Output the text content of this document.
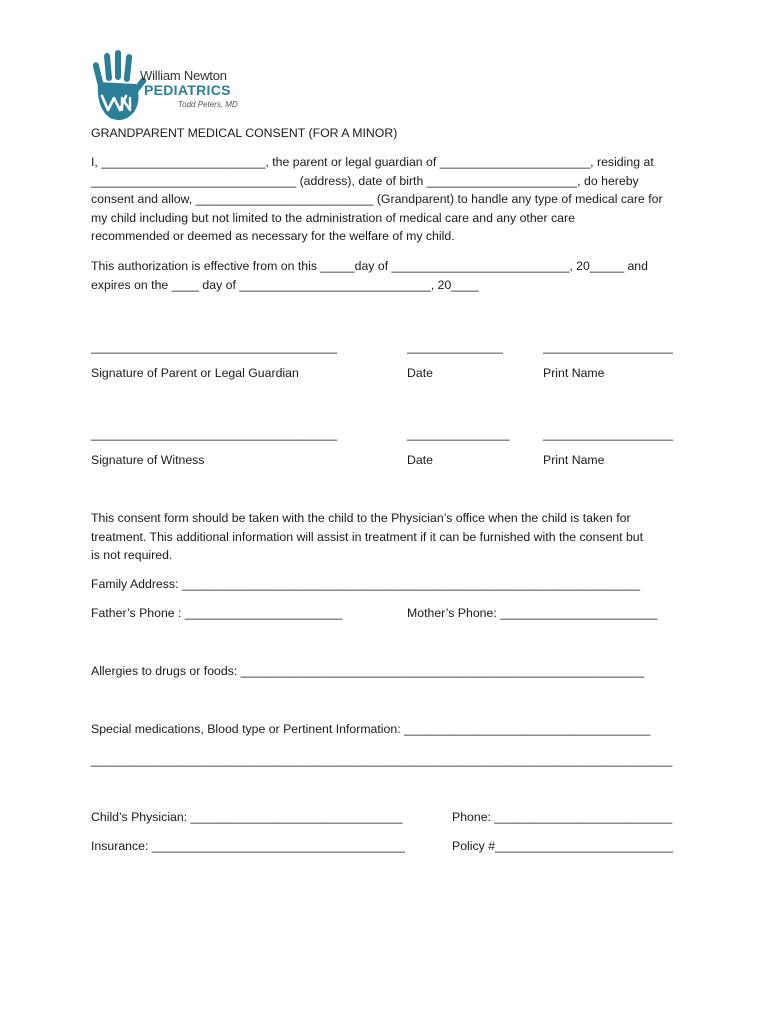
William Newton
PEDIATRICS
Todd Peters, MD
GRANDPARENT MEDICAL CONSENT (FOR A MINOR)
I, ________________________, the parent or legal guardian of ______________________, residing at
______________________________ (address), date of birth ______________________, do hereby
consent and allow, __________________________ (Grandparent) to handle any type of medical care for
my child including but not limited to the administration of medical care and any other care
recommended or deemed as necessary for the welfare of my child.
This authorization is effective from on this _____day of __________________________, 20_____ and
expires on the ____ day of ____________________________, 20____
____________________________________	______________	___________________
Signature of Parent or Legal Guardian	Date	Print Name
____________________________________	_______________	___________________
Signature of Witness	Date	Print Name
This consent form should be taken with the child to the Physician’s office when the child is taken for
treatment. This additional information will assist in treatment if it can be furnished with the consent but
is not required.
Family Address: ___________________________________________________________________
Father’s Phone : _______________________	Mother’s Phone: _______________________
Allergies to drugs or foods: ___________________________________________________________
Special medications, Blood type or Pertinent Information: ____________________________________
_____________________________________________________________________________________
Child’s Physician: _______________________________	Phone: __________________________
Insurance: _____________________________________	Policy #__________________________
